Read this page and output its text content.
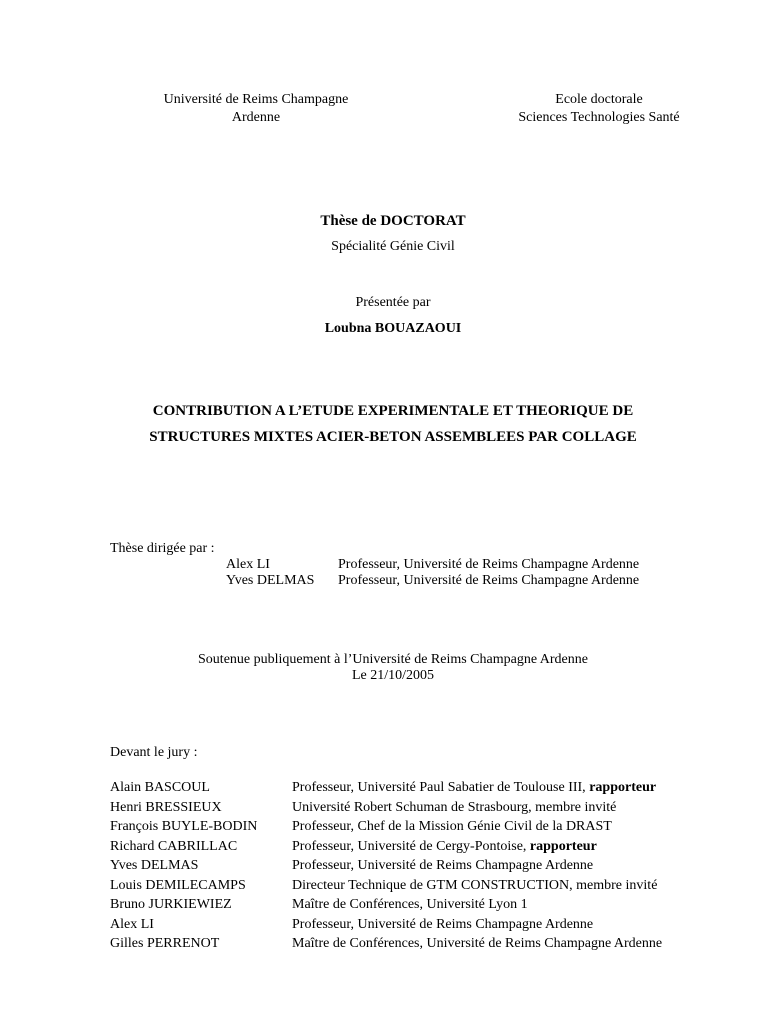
Université de Reims Champagne
Ardenne
Ecole doctorale
Sciences Technologies Santé
Thèse de DOCTORAT
Spécialité Génie Civil
Présentée par
Loubna BOUAZAOUI
CONTRIBUTION A L’ETUDE EXPERIMENTALE ET THEORIQUE DE
STRUCTURES MIXTES ACIER-BETON ASSEMBLEES PAR COLLAGE
Thèse dirigée par :
Alex LI	Professeur, Université de Reims Champagne Ardenne
Yves DELMAS Professeur, Université de Reims Champagne Ardenne
Soutenue publiquement à l’Université de Reims Champagne Ardenne
Le 21/10/2005
Devant le jury :
Alain BASCOUL	Professeur, Université Paul Sabatier de Toulouse III, rapporteur
Henri BRESSIEUX	Université Robert Schuman de Strasbourg, membre invité
François BUYLE-BODIN Professeur, Chef de la Mission Génie Civil de la DRAST
Richard CABRILLAC	Professeur, Université de Cergy-Pontoise, rapporteur
Yves DELMAS	Professeur, Université de Reims Champagne Ardenne
Louis DEMILECAMPS	Directeur Technique de GTM CONSTRUCTION, membre invité
Bruno JURKIEWIEZ	Maître de Conférences, Université Lyon 1
Alex LI	Professeur, Université de Reims Champagne Ardenne
Gilles PERRENOT	Maître de Conférences, Université de Reims Champagne Ardenne
